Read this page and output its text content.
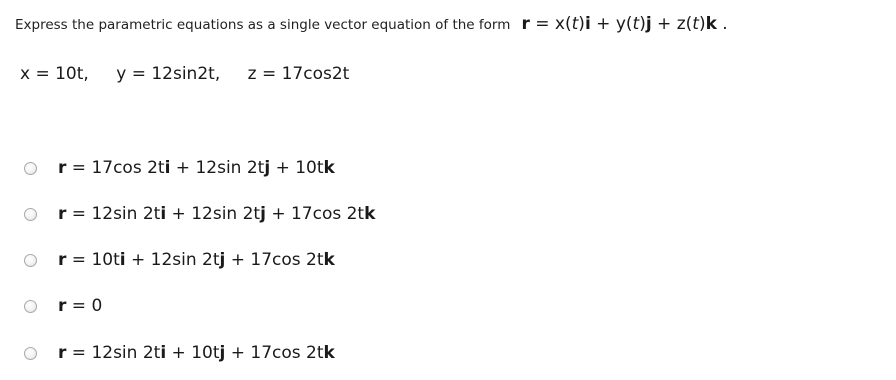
Express the parametric equations as a single vector equation of the form r = x(t)i + y(t)j + z(t)k .
x = 10t, y = 12sin2t, z = 17cos2t
r = 17cos 2ti + 12sin 2tj + 10tk
r = 12sin 2ti + 12sin 2tj + 17cos 2tk
r = 10ti + 12sin 2tj + 17cos 2tk
r = 0
r = 12sin 2ti + 10tj + 17cos 2tk
